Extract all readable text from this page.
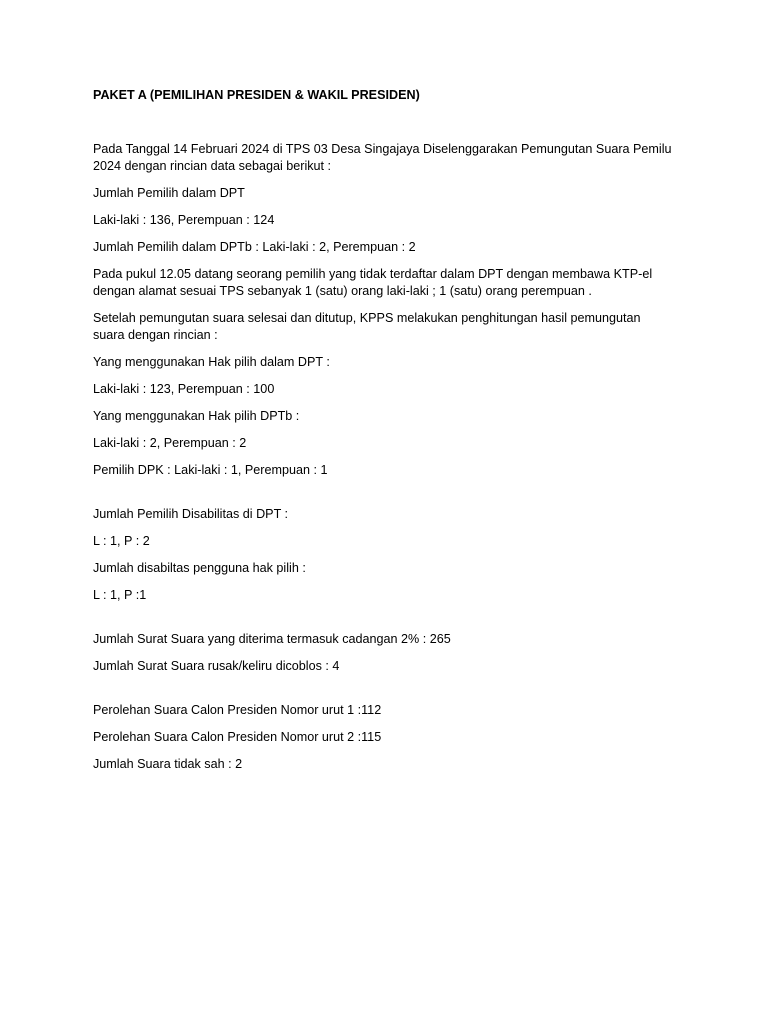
PAKET A (PEMILIHAN PRESIDEN & WAKIL PRESIDEN)

Pada Tanggal 14 Februari 2024 di TPS 03 Desa Singajaya Diselenggarakan Pemungutan Suara Pemilu
2024 dengan rincian data sebagai berikut :

Jumlah Pemilih dalam DPT

Laki-laki : 136, Perempuan : 124

Jumlah Pemilih dalam DPTb : Laki-laki : 2, Perempuan : 2

Pada pukul 12.05 datang seorang pemilih yang tidak terdaftar dalam DPT dengan membawa KTP-el
dengan alamat sesuai TPS sebanyak 1 (satu) orang laki-laki ; 1 (satu) orang perempuan .

Setelah pemungutan suara selesai dan ditutup, KPPS melakukan penghitungan hasil pemungutan
suara dengan rincian :

Yang menggunakan Hak pilih dalam DPT :

Laki-laki : 123, Perempuan : 100

Yang menggunakan Hak pilih DPTb :

Laki-laki : 2, Perempuan : 2

Pemilih DPK : Laki-laki : 1, Perempuan : 1

Jumlah Pemilih Disabilitas di DPT :

L : 1, P : 2

Jumlah disabiltas pengguna hak pilih :

L : 1, P :1

Jumlah Surat Suara yang diterima termasuk cadangan 2% : 265

Jumlah Surat Suara rusak/keliru dicoblos : 4

Perolehan Suara Calon Presiden Nomor urut 1 :112

Perolehan Suara Calon Presiden Nomor urut 2 :115

Jumlah Suara tidak sah : 2
